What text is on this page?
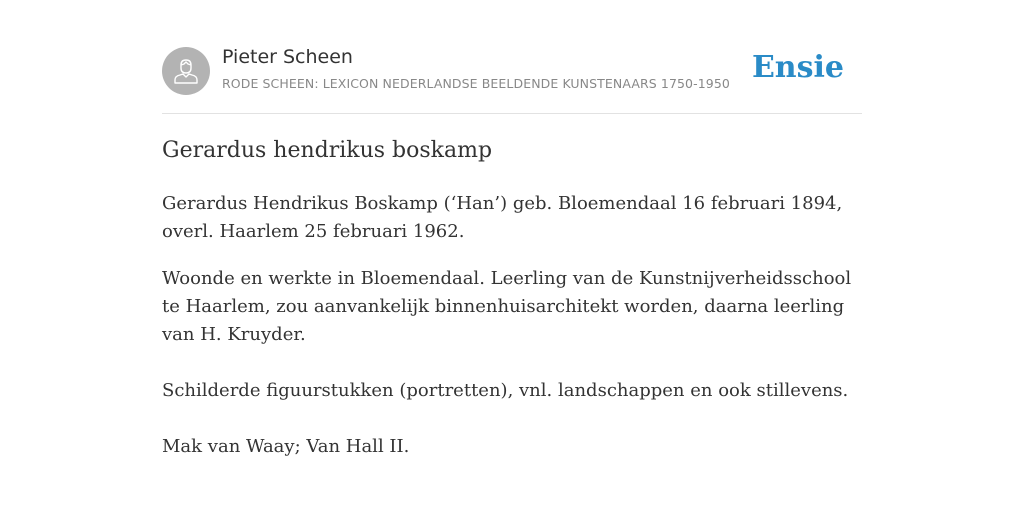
Pieter Scheen
RODE SCHEEN: LEXICON NEDERLANDSE BEELDENDE KUNSTENAARS 1750-1950 Ensie
Gerardus hendrikus boskamp

Gerardus Hendrikus Boskamp (‘Han’) geb. Bloemendaal 16 februari 1894, overl. Haarlem 25 februari 1962.

Woonde en werkte in Bloemendaal. Leerling van de Kunstnijverheidsschool te Haarlem, zou aanvankelijk binnenhuisarchitekt worden, daarna leerling van H. Kruyder.

Schilderde figuurstukken (portretten), vnl. landschappen en ook stillevens.

Mak van Waay; Van Hall II.
